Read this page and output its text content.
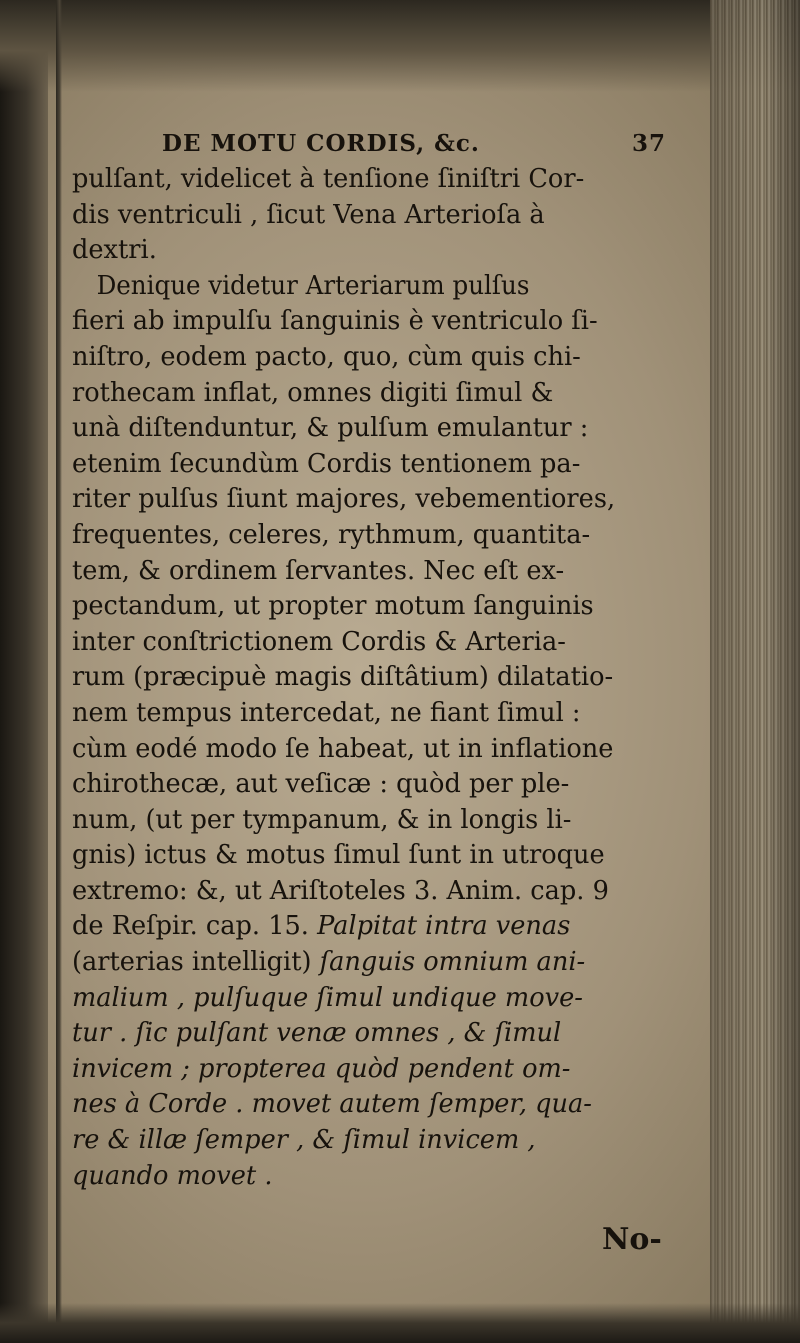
DE MOTU CORDIS, &c.	37
pulſant, videlicet à tenſione ſiniſtri Cor-
dis ventriculi , ſicut Vena Arterioſa à
dextri.
Denique videtur Arteriarum pulſus
fieri ab impulſu ſanguinis è ventriculo ſi-
niſtro, eodem pacto, quo, cùm quis chi-
rothecam inflat, omnes digiti ſimul &
unà diſtenduntur, & pulſum emulantur :
etenim ſecundùm Cordis tentionem pa-
riter pulſus ſiunt majores, vebementiores,
frequentes, celeres, rythmum, quantita-
tem, & ordinem ſervantes. Nec eſt ex-
pectandum, ut propter motum ſanguinis
inter conſtrictionem Cordis & Arteria-
rum (præcipuè magis diſtâtium) dilatatio-
nem tempus intercedat, ne fiant ſimul :
cùm eodé modo ſe habeat, ut in inflatione
chirothecæ, aut veſicæ : quòd per ple-
num, (ut per tympanum, & in longis li-
gnis) ictus & motus ſimul ſunt in utroque
extremo: &, ut Ariſtoteles 3. Anim. cap. 9
de Reſpir. cap. 15. Palpitat intra venas
(arterias intelligit) ſanguis omnium ani-
malium , pulſuque ſimul undique move-
tur . ſic pulſant venæ omnes , & ſimul
invicem ; propterea quòd pendent om-
nes à Corde . movet autem ſemper, qua-
re & illæ ſemper , & ſimul invicem ,
quando movet .
No-
